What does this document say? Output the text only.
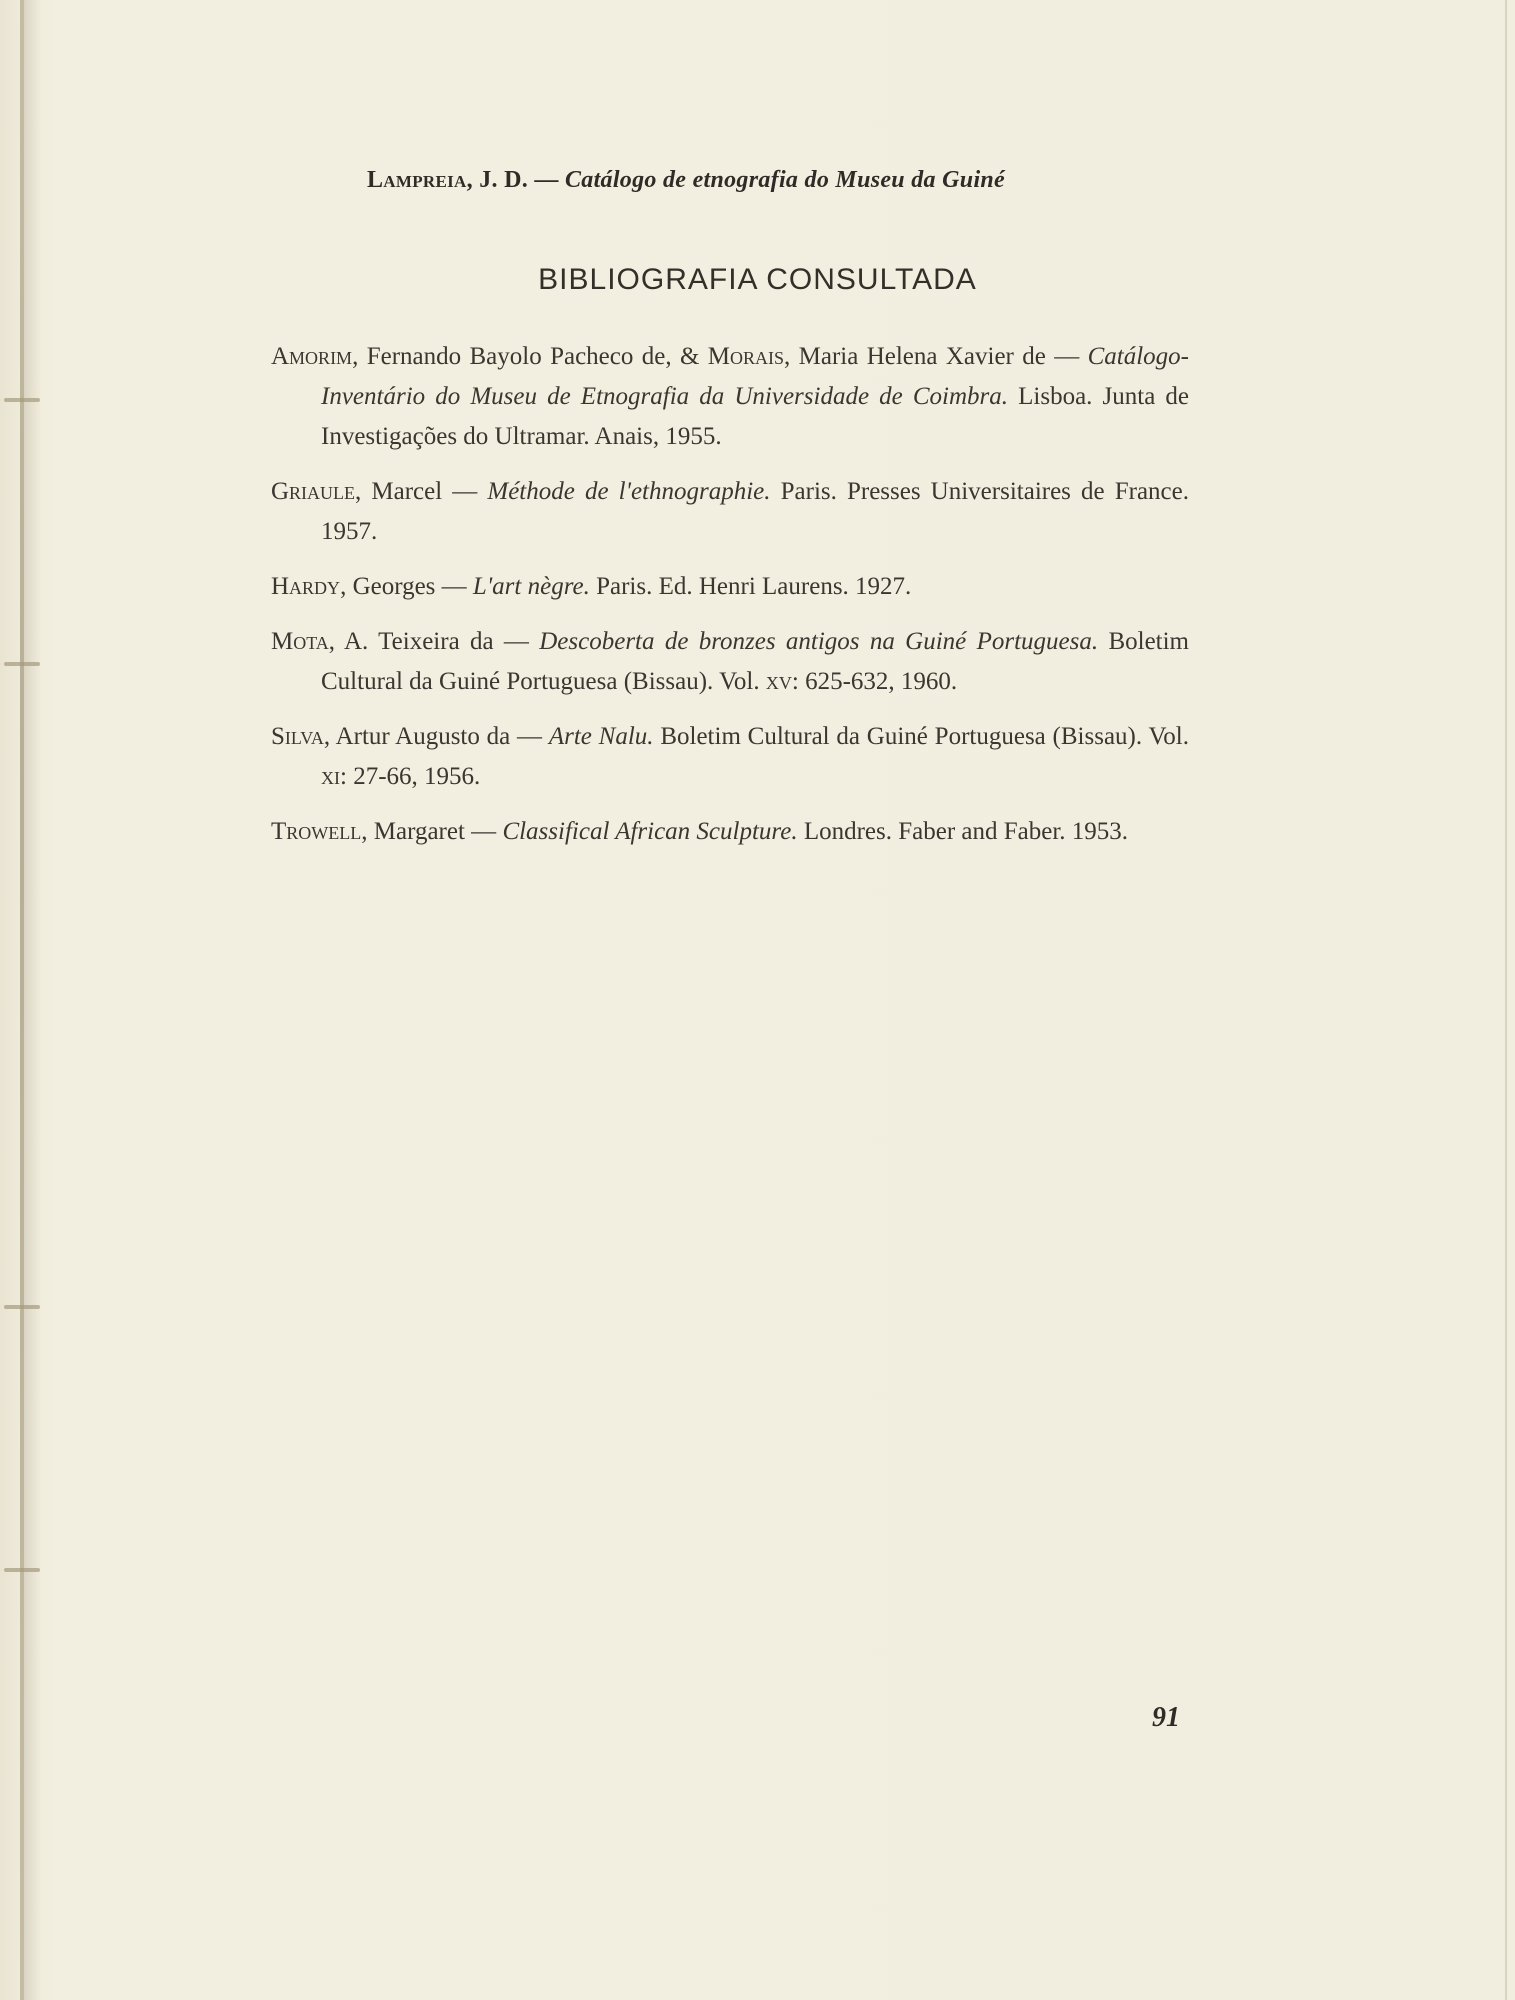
Lampreia, J. D. — Catálogo de etnografia do Museu da Guiné
BIBLIOGRAFIA CONSULTADA
Amorim, Fernando Bayolo Pacheco de, & Morais, Maria Helena Xavier de — Catálogo-Inventário do Museu de Etnografia da Universidade de Coimbra. Lisboa. Junta de Investigações do Ultramar. Anais, 1955.
Griaule, Marcel — Méthode de l'ethnographie. Paris. Presses Universitaires de France. 1957.
Hardy, Georges — L'art nègre. Paris. Ed. Henri Laurens. 1927.
Mota, A. Teixeira da — Descoberta de bronzes antigos na Guiné Portuguesa. Boletim Cultural da Guiné Portuguesa (Bissau). Vol. xv: 625-632, 1960.
Silva, Artur Augusto da — Arte Nalu. Boletim Cultural da Guiné Portuguesa (Bissau). Vol. xi: 27-66, 1956.
Trowell, Margaret — Classifical African Sculpture. Londres. Faber and Faber. 1953.
91
